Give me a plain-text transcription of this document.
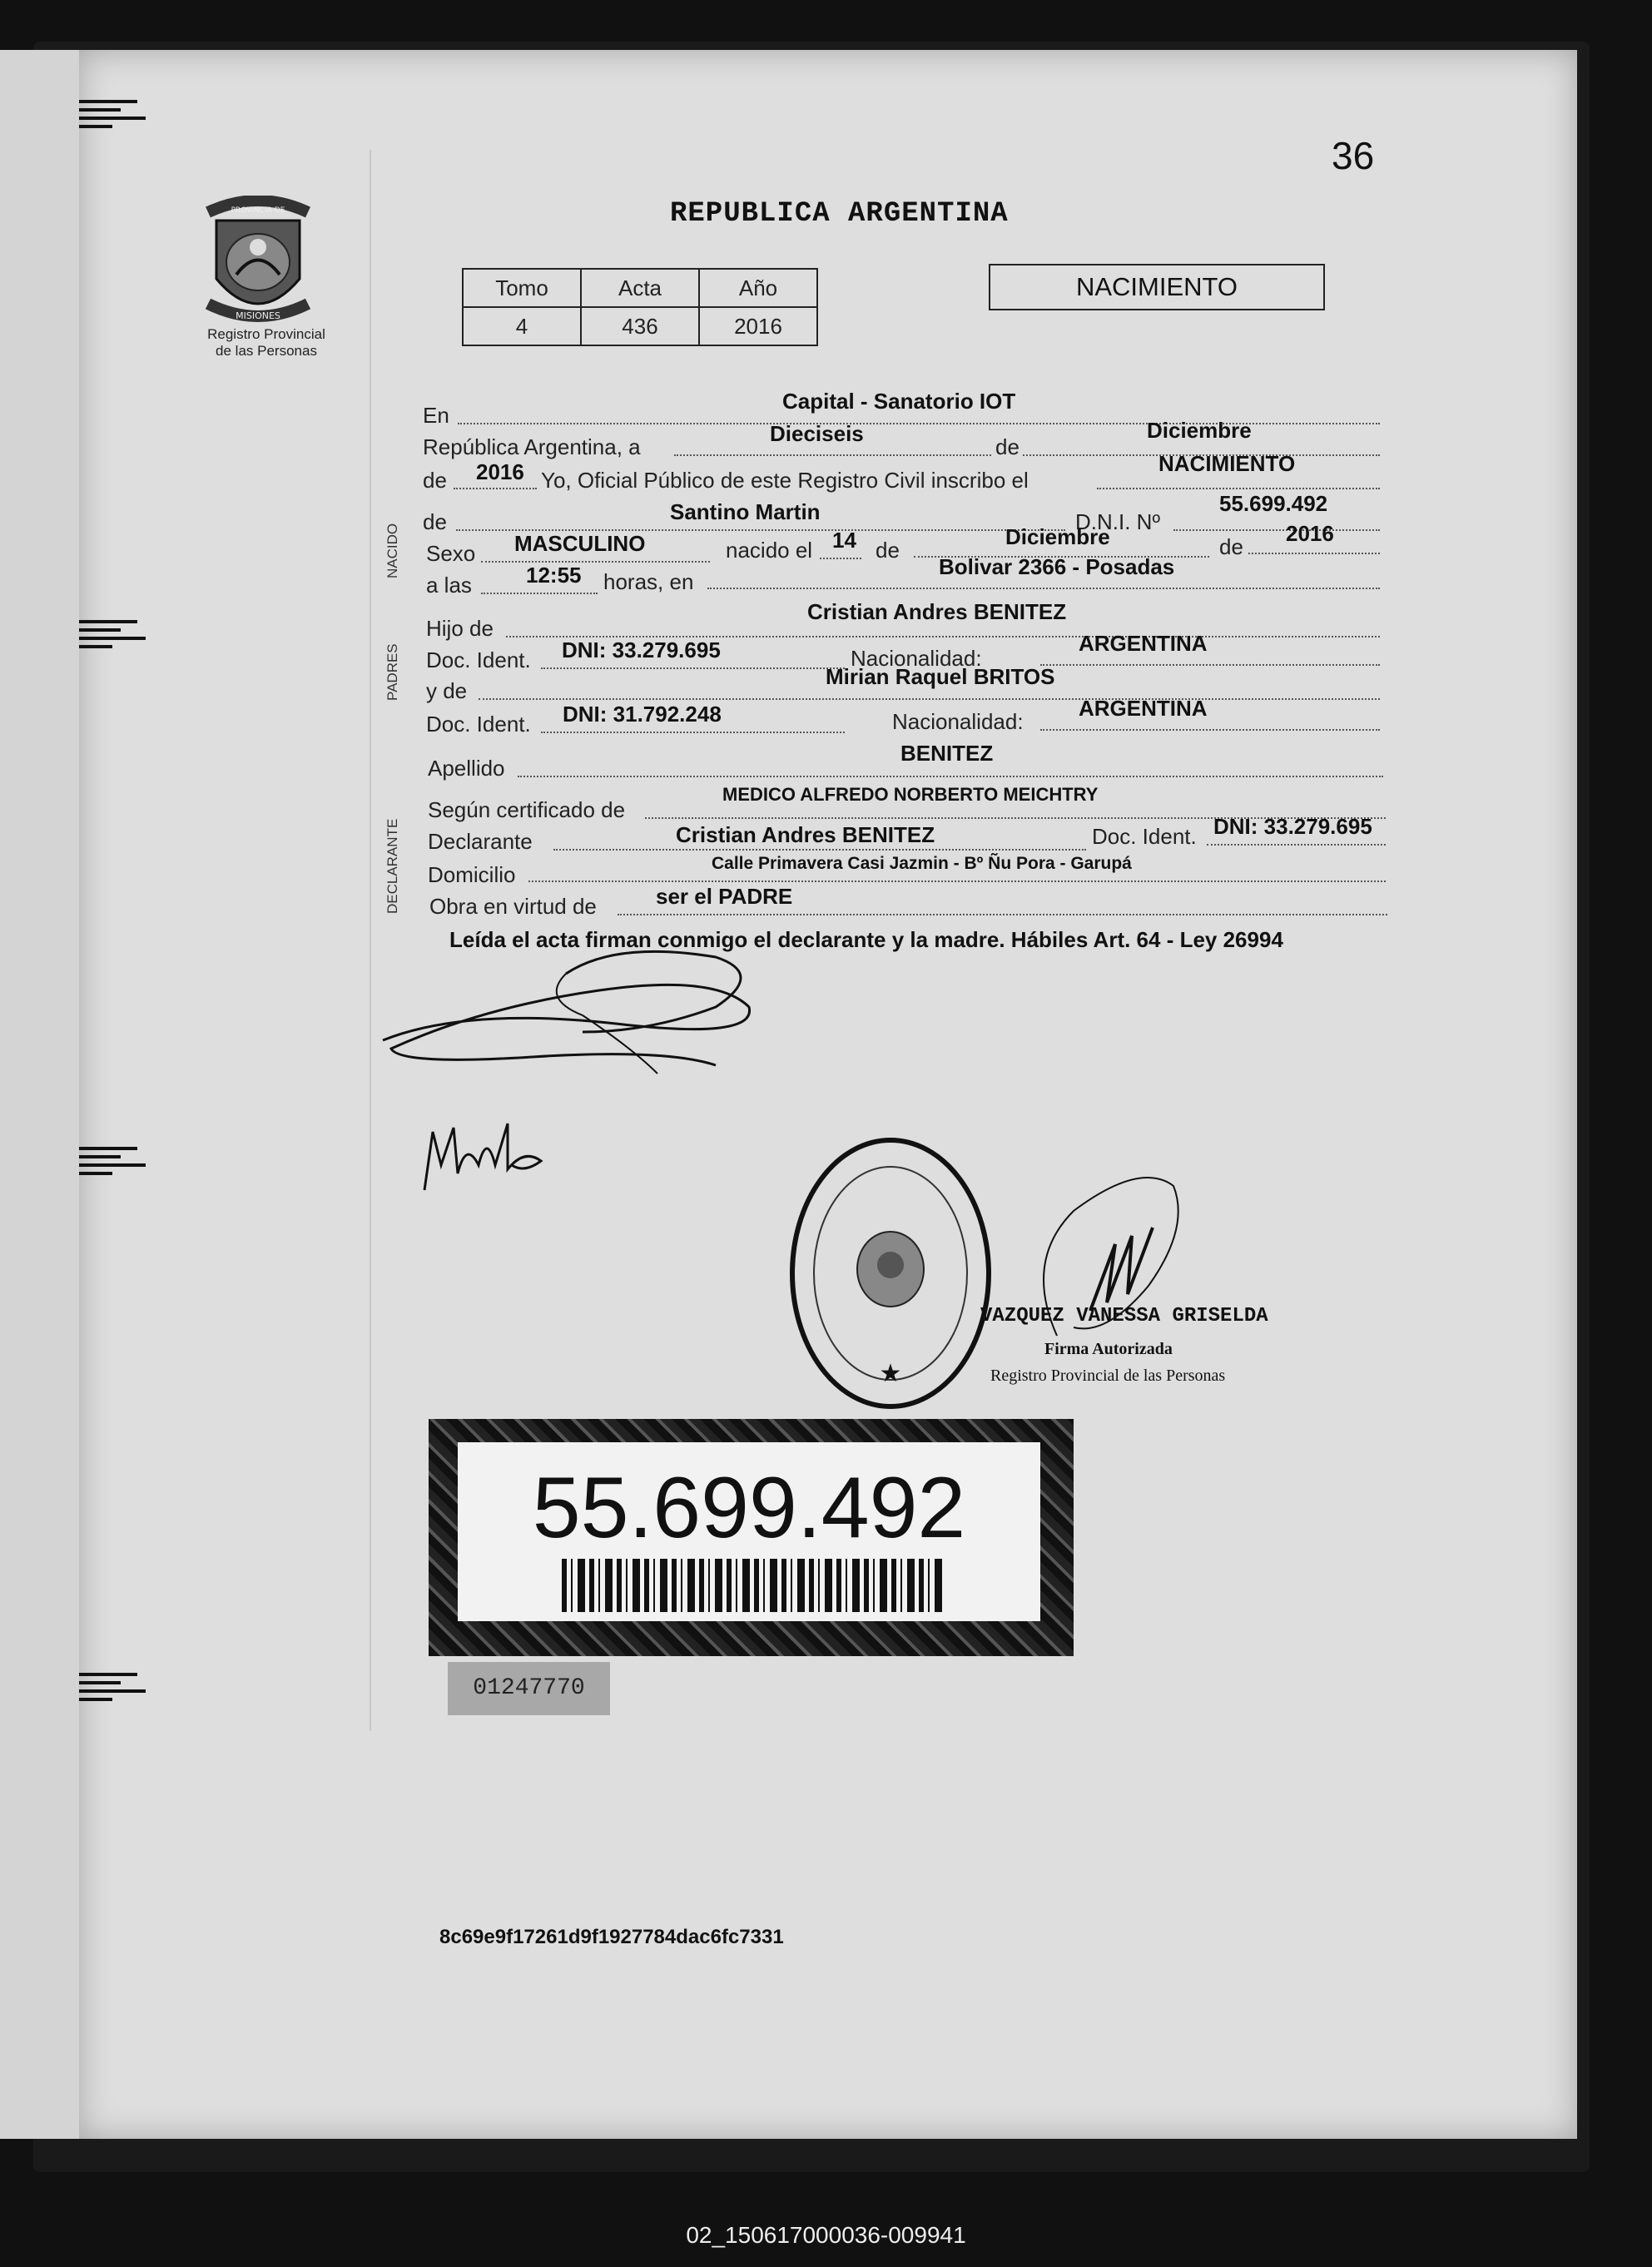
36
PROVINCIA DE
MISIONES
Registro Provincial
de las Personas
REPUBLICA ARGENTINA
Tomo	Acta	Año
4	436	2016
NACIMIENTO
NACIDO
PADRES
DECLARANTE
En
Capital - Sanatorio IOT
República Argentina, a
Dieciseis
de
Diciembre
de 2016 Yo, Oficial Público de este Registro Civil inscribo el
NACIMIENTO
de	Santino Martin	D.N.I. Nº
55.699.492
Sexo MASCULINO	nacido el 14 de
Diciembre	de
2016
a las	12:55 horas, en
Bolivar 2366 - Posadas
Hijo de
Cristian Andres BENITEZ
Doc. Ident. DNI: 33.279.695	Nacionalidad:
ARGENTINA
y de
Mirian Raquel BRITOS
Doc. Ident. DNI: 31.792.248	Nacionalidad:
ARGENTINA
Apellido
BENITEZ
Según certificado de
MEDICO ALFREDO NORBERTO MEICHTRY
Declarante	Cristian Andres BENITEZ	Doc. Ident. DNI: 33.279.695
Domicilio	Calle Primavera Casi Jazmin - Bº Ñu Pora - Garupá
Obra en virtud de	ser el PADRE
Leída el acta firman conmigo el declarante y la madre. Hábiles Art. 64 - Ley 26994
★
VAZQUEZ VANESSA GRISELDA
Firma Autorizada
Registro Provincial de las Personas
55.699.492
01247770
8c69e9f17261d9f1927784dac6fc7331
02_150617000036-009941
